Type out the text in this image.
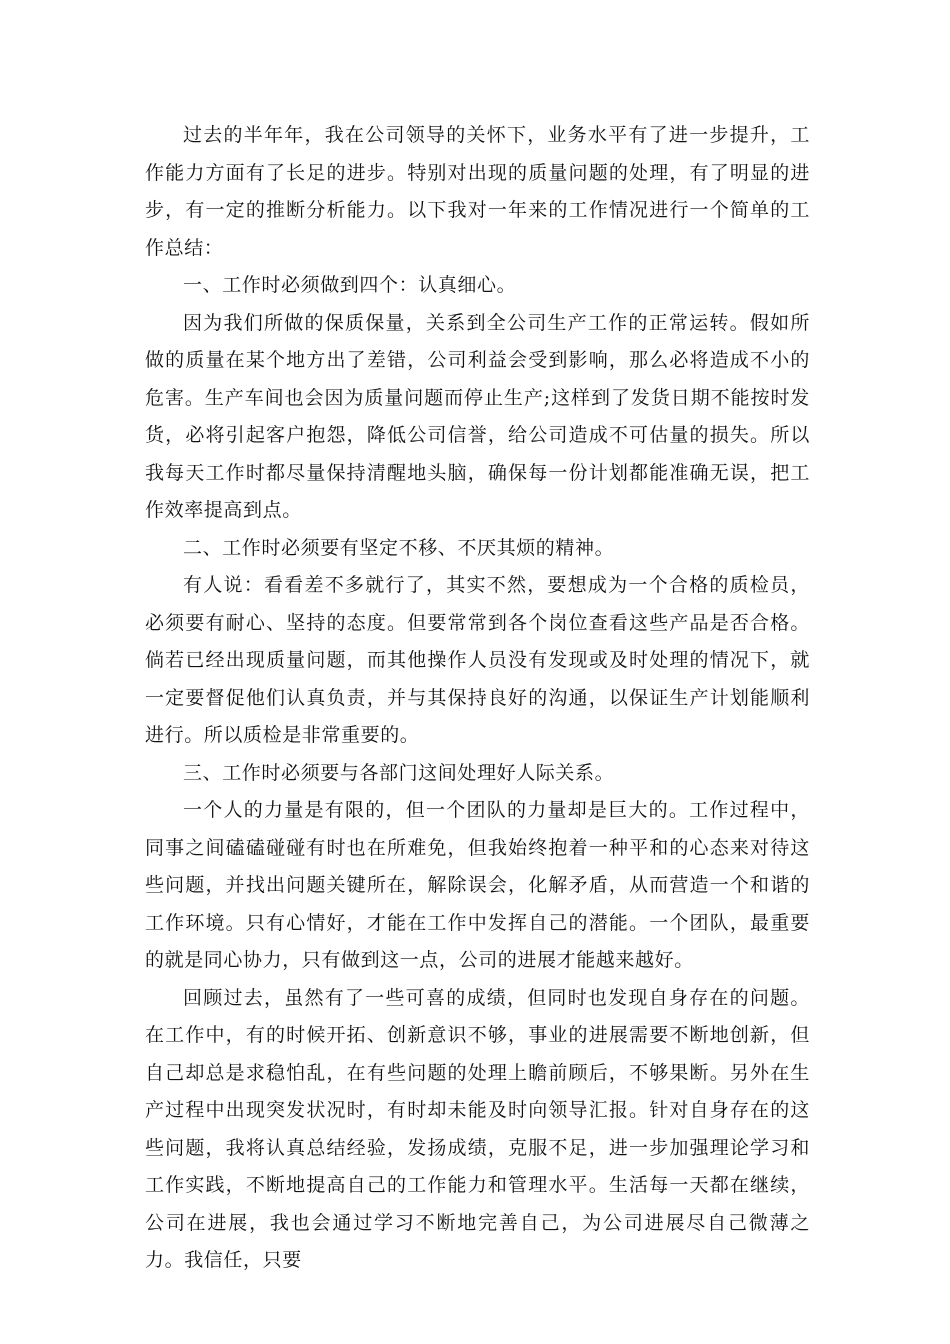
过去的半年年，我在公司领导的关怀下，业务水平有了进一步提升，工作能力方面有了长足的进步。特别对出现的质量问题的处理，有了明显的进步，有一定的推断分析能力。以下我对一年来的工作情况进行一个简单的工作总结：

一、工作时必须做到四个：认真细心。

因为我们所做的保质保量，关系到全公司生产工作的正常运转。假如所做的质量在某个地方出了差错，公司利益会受到影响，那么必将造成不小的危害。生产车间也会因为质量问题而停止生产;这样到了发货日期不能按时发货，必将引起客户抱怨，降低公司信誉，给公司造成不可估量的损失。所以我每天工作时都尽量保持清醒地头脑，确保每一份计划都能准确无误，把工作效率提高到点。

二、工作时必须要有坚定不移、不厌其烦的精神。

有人说：看看差不多就行了，其实不然，要想成为一个合格的质检员，必须要有耐心、坚持的态度。但要常常到各个岗位查看这些产品是否合格。倘若已经出现质量问题，而其他操作人员没有发现或及时处理的情况下，就一定要督促他们认真负责，并与其保持良好的沟通，以保证生产计划能顺利进行。所以质检是非常重要的。

三、工作时必须要与各部门这间处理好人际关系。

一个人的力量是有限的，但一个团队的力量却是巨大的。工作过程中，同事之间磕磕碰碰有时也在所难免，但我始终抱着一种平和的心态来对待这些问题，并找出问题关键所在，解除误会，化解矛盾，从而营造一个和谐的工作环境。只有心情好，才能在工作中发挥自己的潜能。一个团队，最重要的就是同心协力，只有做到这一点，公司的进展才能越来越好。

回顾过去，虽然有了一些可喜的成绩，但同时也发现自身存在的问题。在工作中，有的时候开拓、创新意识不够，事业的进展需要不断地创新，但自己却总是求稳怕乱，在有些问题的处理上瞻前顾后，不够果断。另外在生产过程中出现突发状况时，有时却未能及时向领导汇报。针对自身存在的这些问题，我将认真总结经验，发扬成绩，克服不足，进一步加强理论学习和工作实践，不断地提高自己的工作能力和管理水平。生活每一天都在继续，公司在进展，我也会通过学习不断地完善自己，为公司进展尽自己微薄之力。我信任，只要
